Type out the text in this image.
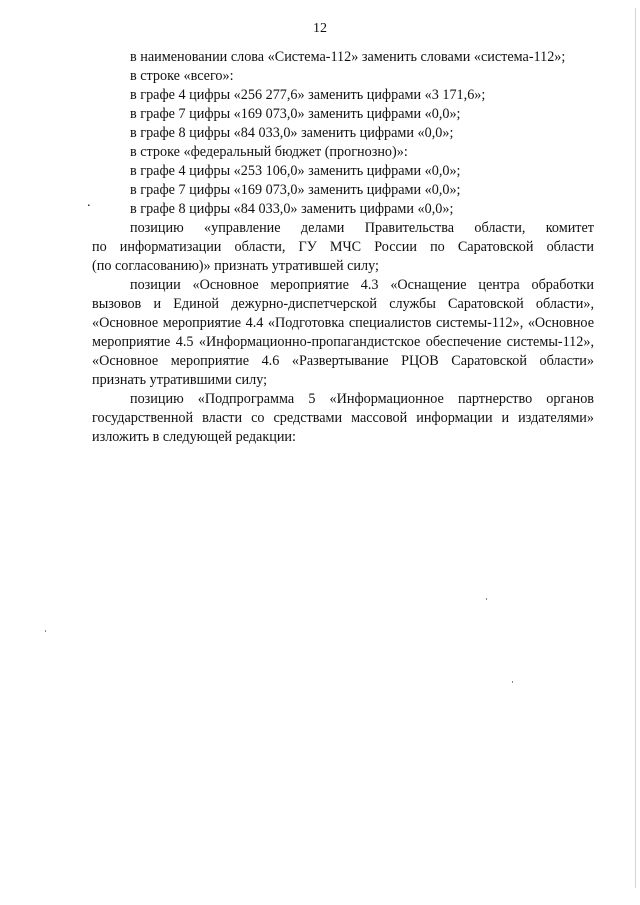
12
в наименовании слова «Система-112» заменить словами «система-112»;
в строке «всего»:
в графе 4 цифры «256 277,6» заменить цифрами «3 171,6»;
в графе 7 цифры «169 073,0» заменить цифрами «0,0»;
в графе 8 цифры «84 033,0» заменить цифрами «0,0»;
в строке «федеральный бюджет (прогнозно)»:
в графе 4 цифры «253 106,0» заменить цифрами «0,0»;
в графе 7 цифры «169 073,0» заменить цифрами «0,0»;
в графе 8 цифры «84 033,0» заменить цифрами «0,0»;
позицию «управление делами Правительства области, комитет
по информатизации области, ГУ МЧС России по Саратовской области
(по согласованию)» признать утратившей силу;
позиции «Основное мероприятие 4.3 «Оснащение центра обработки
вызовов и Единой дежурно-диспетчерской службы Саратовской области»,
«Основное мероприятие 4.4 «Подготовка специалистов системы-112», «Основное
мероприятие 4.5 «Информационно-пропагандистское обеспечение системы-112»,
«Основное мероприятие 4.6 «Развертывание РЦОВ Саратовской области»
признать утратившими силу;
позицию «Подпрограмма 5 «Информационное партнерство органов
государственной власти со средствами массовой информации и издателями»
изложить в следующей редакции:
.
